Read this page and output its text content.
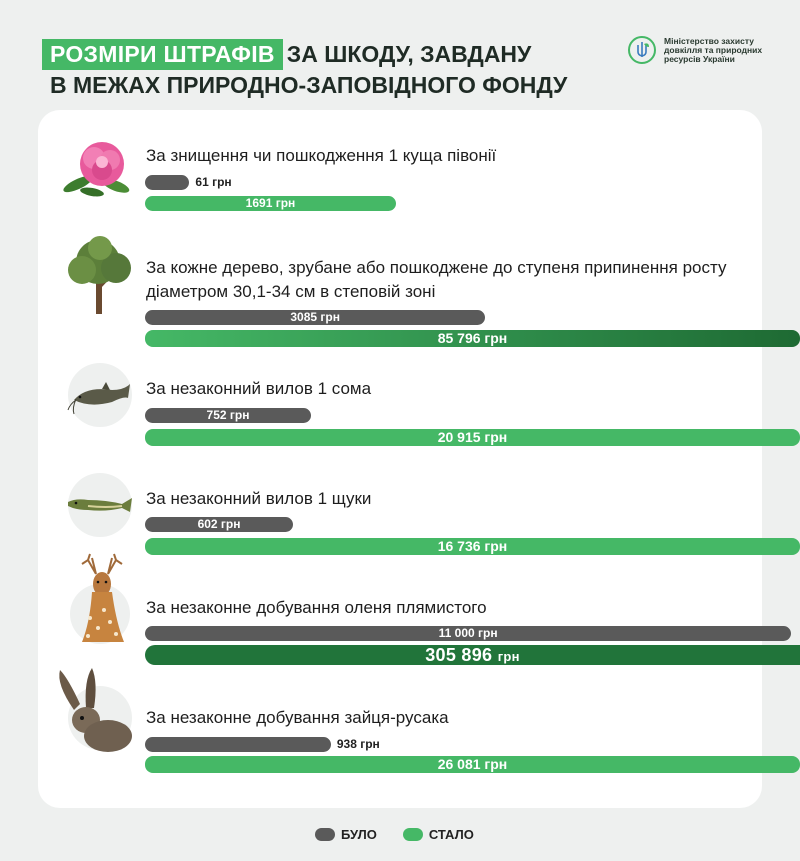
РОЗМІРИ ШТРАФІВ ЗА ШКОДУ, ЗАВДАНУ
В МЕЖАХ ПРИРОДНО-ЗАПОВІДНОГО ФОНДУ
Міністерство захисту довкілля та природних ресурсів України
За знищення чи пошкодження 1 куща півонії
61 грн
1691 грн
За кожне дерево, зрубане або пошкоджене до ступеня припинення росту діаметром 30,1-34 см в степовій зоні
3085 грн
85 796 грн
За незаконний вилов 1 сома
752 грн
20 915 грн
За незаконний вилов 1 щуки
602 грн
16 736 грн
За незаконне добування оленя плямистого
11 000 грн
305 896 грн
За незаконне добування зайця-русака
938 грн
26 081 грн
БУЛО	СТАЛО
